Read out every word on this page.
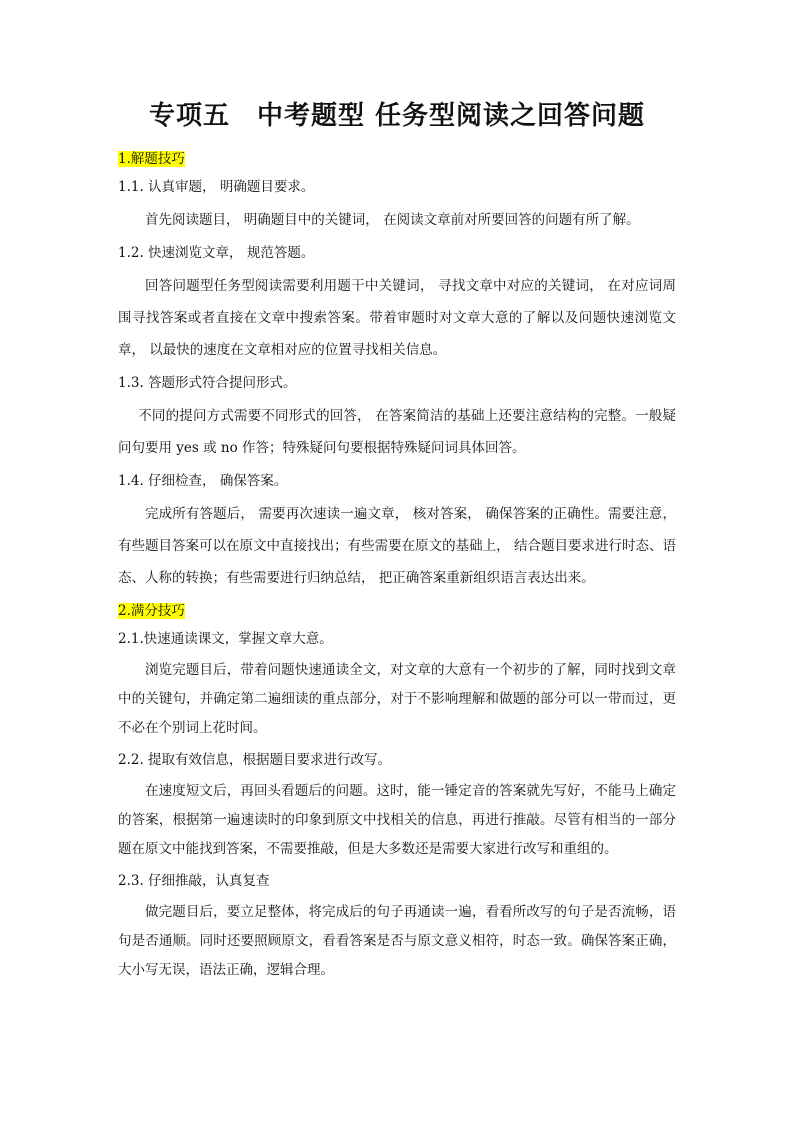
专项五　中考题型 任务型阅读之回答问题
1.解题技巧
1.1. 认真审题， 明确题目要求。

首先阅读题目， 明确题目中的关键词， 在阅读文章前对所要回答的问题有所了解。

1.2. 快速浏览文章， 规范答题。

回答问题型任务型阅读需要利用题干中关键词， 寻找文章中对应的关键词， 在对应词周围寻找答案或者直接在文章中搜索答案。带着审题时对文章大意的了解以及问题快速浏览文章， 以最快的速度在文章相对应的位置寻找相关信息。

1.3. 答题形式符合提问形式。

不同的提问方式需要不同形式的回答， 在答案简洁的基础上还要注意结构的完整。一般疑问句要用 yes 或 no 作答；特殊疑问句要根据特殊疑问词具体回答。

1.4. 仔细检查， 确保答案。

完成所有答题后， 需要再次速读一遍文章， 核对答案， 确保答案的正确性。需要注意， 有些题目答案可以在原文中直接找出；有些需要在原文的基础上， 结合题目要求进行时态、语态、人称的转换；有些需要进行归纳总结， 把正确答案重新组织语言表达出来。

2.满分技巧
2.1.快速通读课文，掌握文章大意。

浏览完题目后，带着问题快速通读全文，对文章的大意有一个初步的了解，同时找到文章中的关键句，并确定第二遍细读的重点部分，对于不影响理解和做题的部分可以一带而过，更不必在个别词上花时间。

2.2. 提取有效信息，根据题目要求进行改写。

在速度短文后，再回头看题后的问题。这时，能一锤定音的答案就先写好，不能马上确定的答案，根据第一遍速读时的印象到原文中找相关的信息，再进行推敲。尽管有相当的一部分题在原文中能找到答案，不需要推敲，但是大多数还是需要大家进行改写和重组的。

2.3. 仔细推敲，认真复查

做完题目后，要立足整体，将完成后的句子再通读一遍，看看所改写的句子是否流畅，语句是否通顺。同时还要照顾原文，看看答案是否与原文意义相符，时态一致。确保答案正确，大小写无误，语法正确，逻辑合理。
